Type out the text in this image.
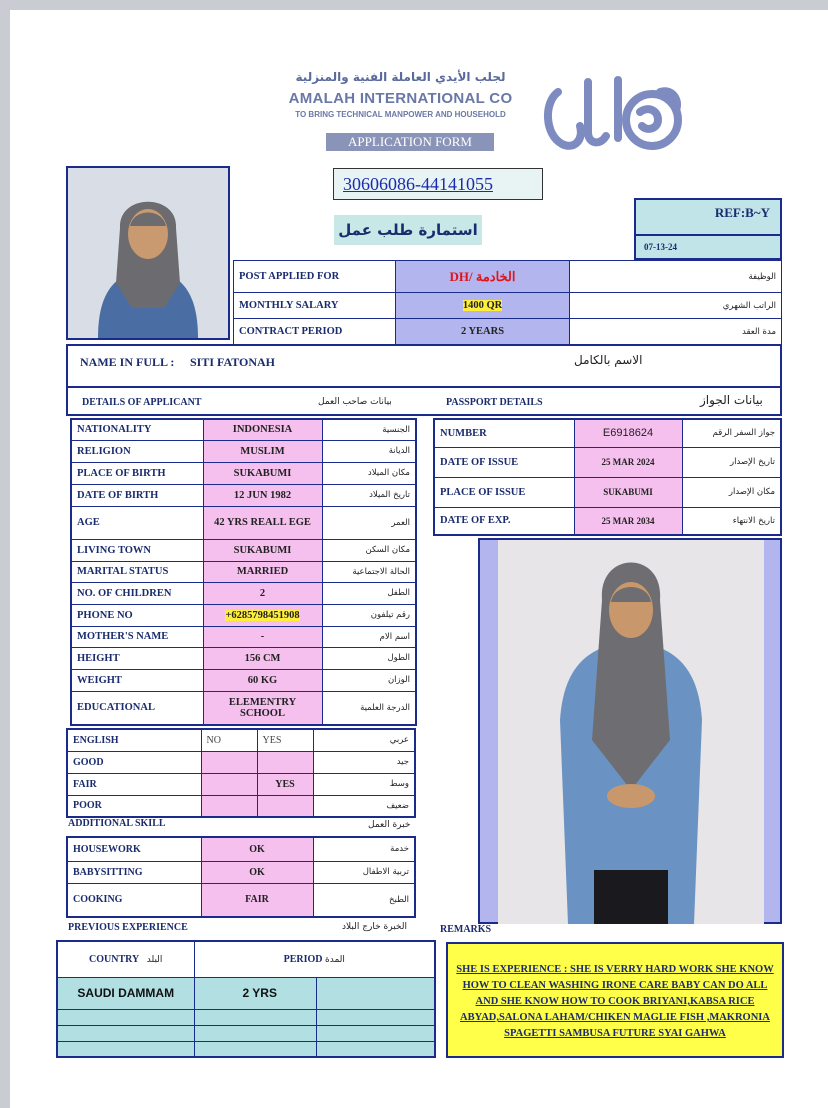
لجلب الأيدي العاملة الفنية والمنزلية
AMALAH INTERNATIONAL CO
TO BRING TECHNICAL MANPOWER AND HOUSEHOLD
APPLICATION FORM
30606086-44141055
استمارة طلب عمل
REF:B~Y
07-13-24
POST APPLIED FOR	DH/ الخادمة	الوظيفة
MONTHLY SALARY	1400 QR	الراتب الشهري
CONTRACT PERIOD	2 YEARS	مدة العقد
NAME IN FULL : SITI FATONAH	الاسم بالكامل
DETAILS OF APPLICANT	بيانات صاحب العمل	PASSPORT DETAILS	بيانات الجواز
NATIONALITY	INDONESIA	الجنسية
RELIGION	MUSLIM	الديانة
PLACE OF BIRTH	SUKABUMI	مكان الميلاد
DATE OF BIRTH	12 JUN 1982	تاريخ الميلاد
AGE	42 YRS REALL EGE	العمر
LIVING TOWN	SUKABUMI	مكان السكن
MARITAL STATUS	MARRIED	الحالة الاجتماعية
NO. OF CHILDREN	2	الطفل
PHONE NO	+6285798451908	رقم تيلفون
MOTHER'S NAME	-	اسم الام
HEIGHT	156 CM	الطول
WEIGHT	60 KG	الوزان
EDUCATIONAL	ELEMENTRY SCHOOL	الدرجة العلمية
NUMBER	E6918624	جواز السفر الرقم
DATE OF ISSUE	25 MAR 2024	تاريخ الإصدار
PLACE OF ISSUE	SUKABUMI	مكان الإصدار
DATE OF EXP.	25 MAR 2034	تاريخ الانتهاء
ENGLISH	NO	YES	عربي
GOOD			جيد
FAIR		YES	وسط
POOR			ضعيف
ADDITIONAL SKILL	خبرة العمل
HOUSEWORK	OK	خدمة
BABYSITTING	OK	تربية الاطفال
COOKING	FAIR	الطبخ
PREVIOUS EXPERIENCE	الخبرة خارج البلاد	REMARKS
COUNTRY البلد	PERIOD المدة	
SAUDI DAMMAM	2 YRS	

SHE IS EXPERIENCE : SHE IS VERRY HARD WORK SHE KNOW HOW TO CLEAN WASHING IRONE CARE BABY CAN DO ALL AND SHE KNOW HOW TO COOK BRIYANI,KABSA RICE ABYAD,SALONA LAHAM/CHIKEN MAGLIE FISH ,MAKRONIA SPAGETTI SAMBUSA FUTURE SYAI GAHWA
